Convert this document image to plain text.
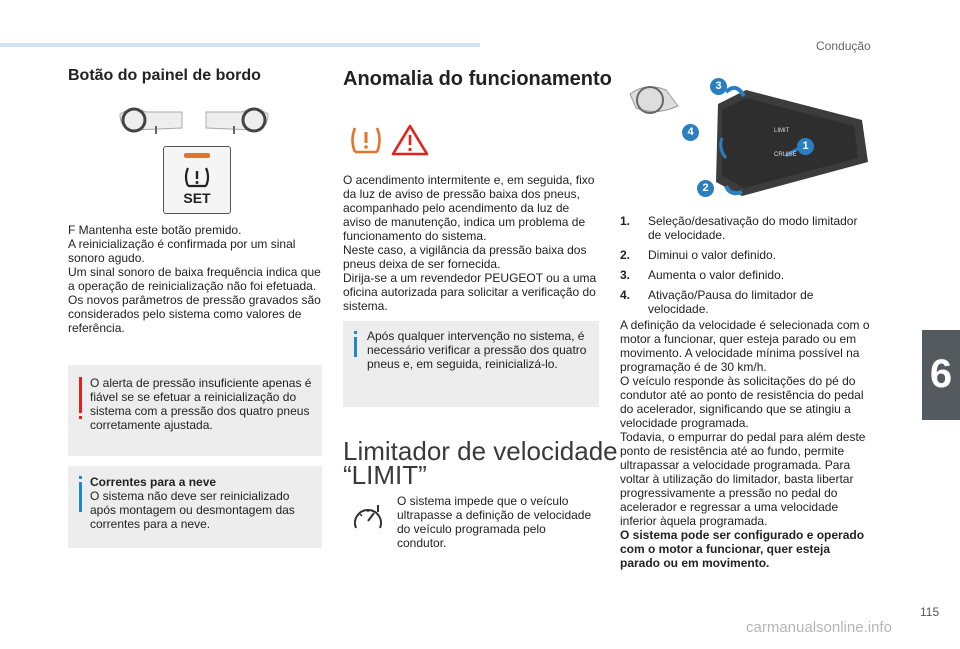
Condução
Botão do painel de bordo
SET
F Mantenha este botão premido.
A reinicialização é confirmada por um sinal sonoro agudo.
Um sinal sonoro de baixa frequência indica que a operação de reinicialização não foi efetuada.
Os novos parâmetros de pressão gravados são considerados pelo sistema como valores de referência.
O alerta de pressão insuficiente apenas é fiável se se efetuar a reinicialização do sistema com a pressão dos quatro pneus corretamente ajustada.
Correntes para a neve
O sistema não deve ser reinicializado após montagem ou desmontagem das correntes para a neve.
Anomalia do funcionamento
O acendimento intermitente e, em seguida, fixo da luz de aviso de pressão baixa dos pneus, acompanhado pelo acendimento da luz de aviso de manutenção, indica um problema de funcionamento do sistema.
Neste caso, a vigilância da pressão baixa dos pneus deixa de ser fornecida.
Dirija-se a um revendedor PEUGEOT ou a uma oficina autorizada para solicitar a verificação do sistema.
Após qualquer intervenção no sistema, é necessário verificar a pressão dos quatro pneus e, em seguida, reinicializá-lo.
Limitador de velocidade
“LIMIT”
O sistema impede que o veículo ultrapasse a definição de velocidade do veículo programada pelo condutor.
LIMIT
CRUISE
3
4
2
1
1.	Seleção/desativação do modo limitador de velocidade.
2.	Diminui o valor definido.
3.	Aumenta o valor definido.
4.	Ativação/Pausa do limitador de velocidade.
A definição da velocidade é selecionada com o motor a funcionar, quer esteja parado ou em movimento. A velocidade mínima possível na programação é de 30 km/h.
O veículo responde às solicitações do pé do condutor até ao ponto de resistência do pedal do acelerador, significando que se atingiu a velocidade programada.
Todavia, o empurrar do pedal para além deste ponto de resistência até ao fundo, permite ultrapassar a velocidade programada. Para voltar à utilização do limitador, basta libertar progressivamente a pressão no pedal do acelerador e regressar a uma velocidade inferior àquela programada.
O sistema pode ser configurado e operado com o motor a funcionar, quer esteja parado ou em movimento.
6
115
carmanualsonline.info
